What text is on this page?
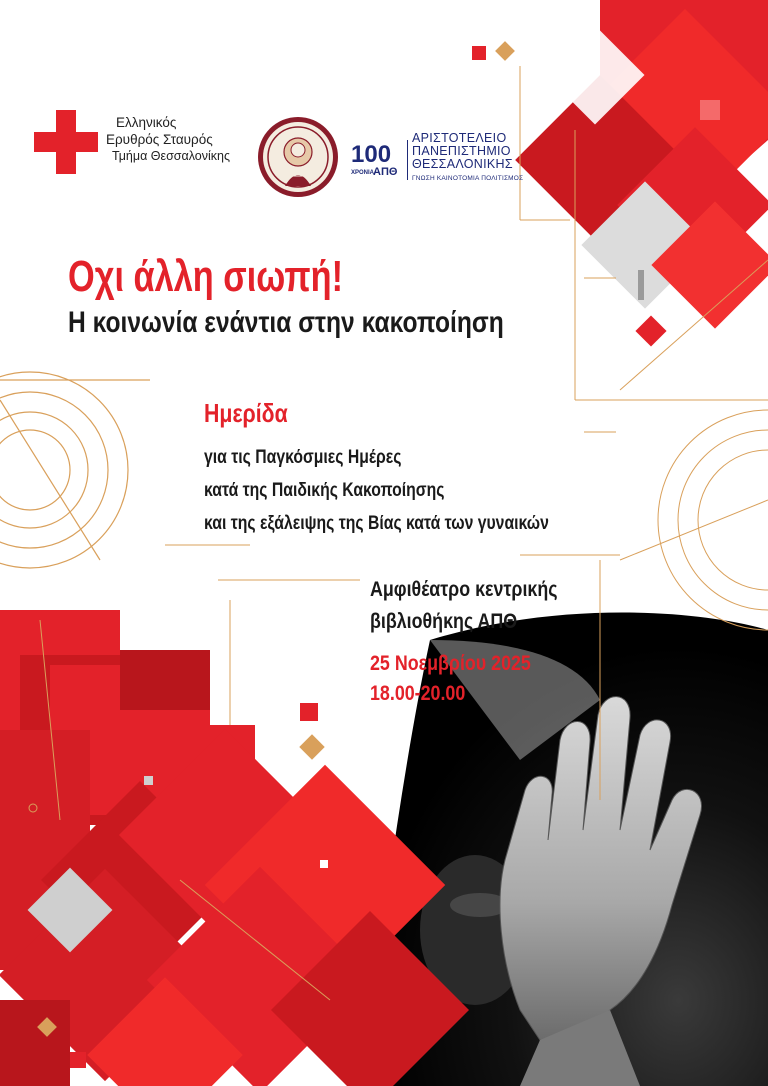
Ελληνικός
Ερυθρός Σταυρός
Τμήμα Θεσσαλονίκης	100
ΧΡΟΝΙΑ
ΑΠΘ
ΑΡΙΣΤΟΤΕΛΕΙΟ
ΠΑΝΕΠΙΣΤΗΜΙΟ
ΘΕΣΣΑΛΟΝΙΚΗΣ
ΓΝΩΣΗ ΚΑΙΝΟΤΟΜΙΑ ΠΟΛΙΤΙΣΜΟΣ
Οχι άλλη σιωπή!
Η κοινωνία ενάντια στην κακοποίηση
Ημερίδα
για τις Παγκόσμιες Ημέρες
κατά της Παιδικής Κακοποίησης
και της εξάλειψης της Βίας κατά των γυναικών
Αμφιθέατρο κεντρικής
βιβλιοθήκης ΑΠΘ
25 Νοεμβρίου 2025
18.00-20.00
